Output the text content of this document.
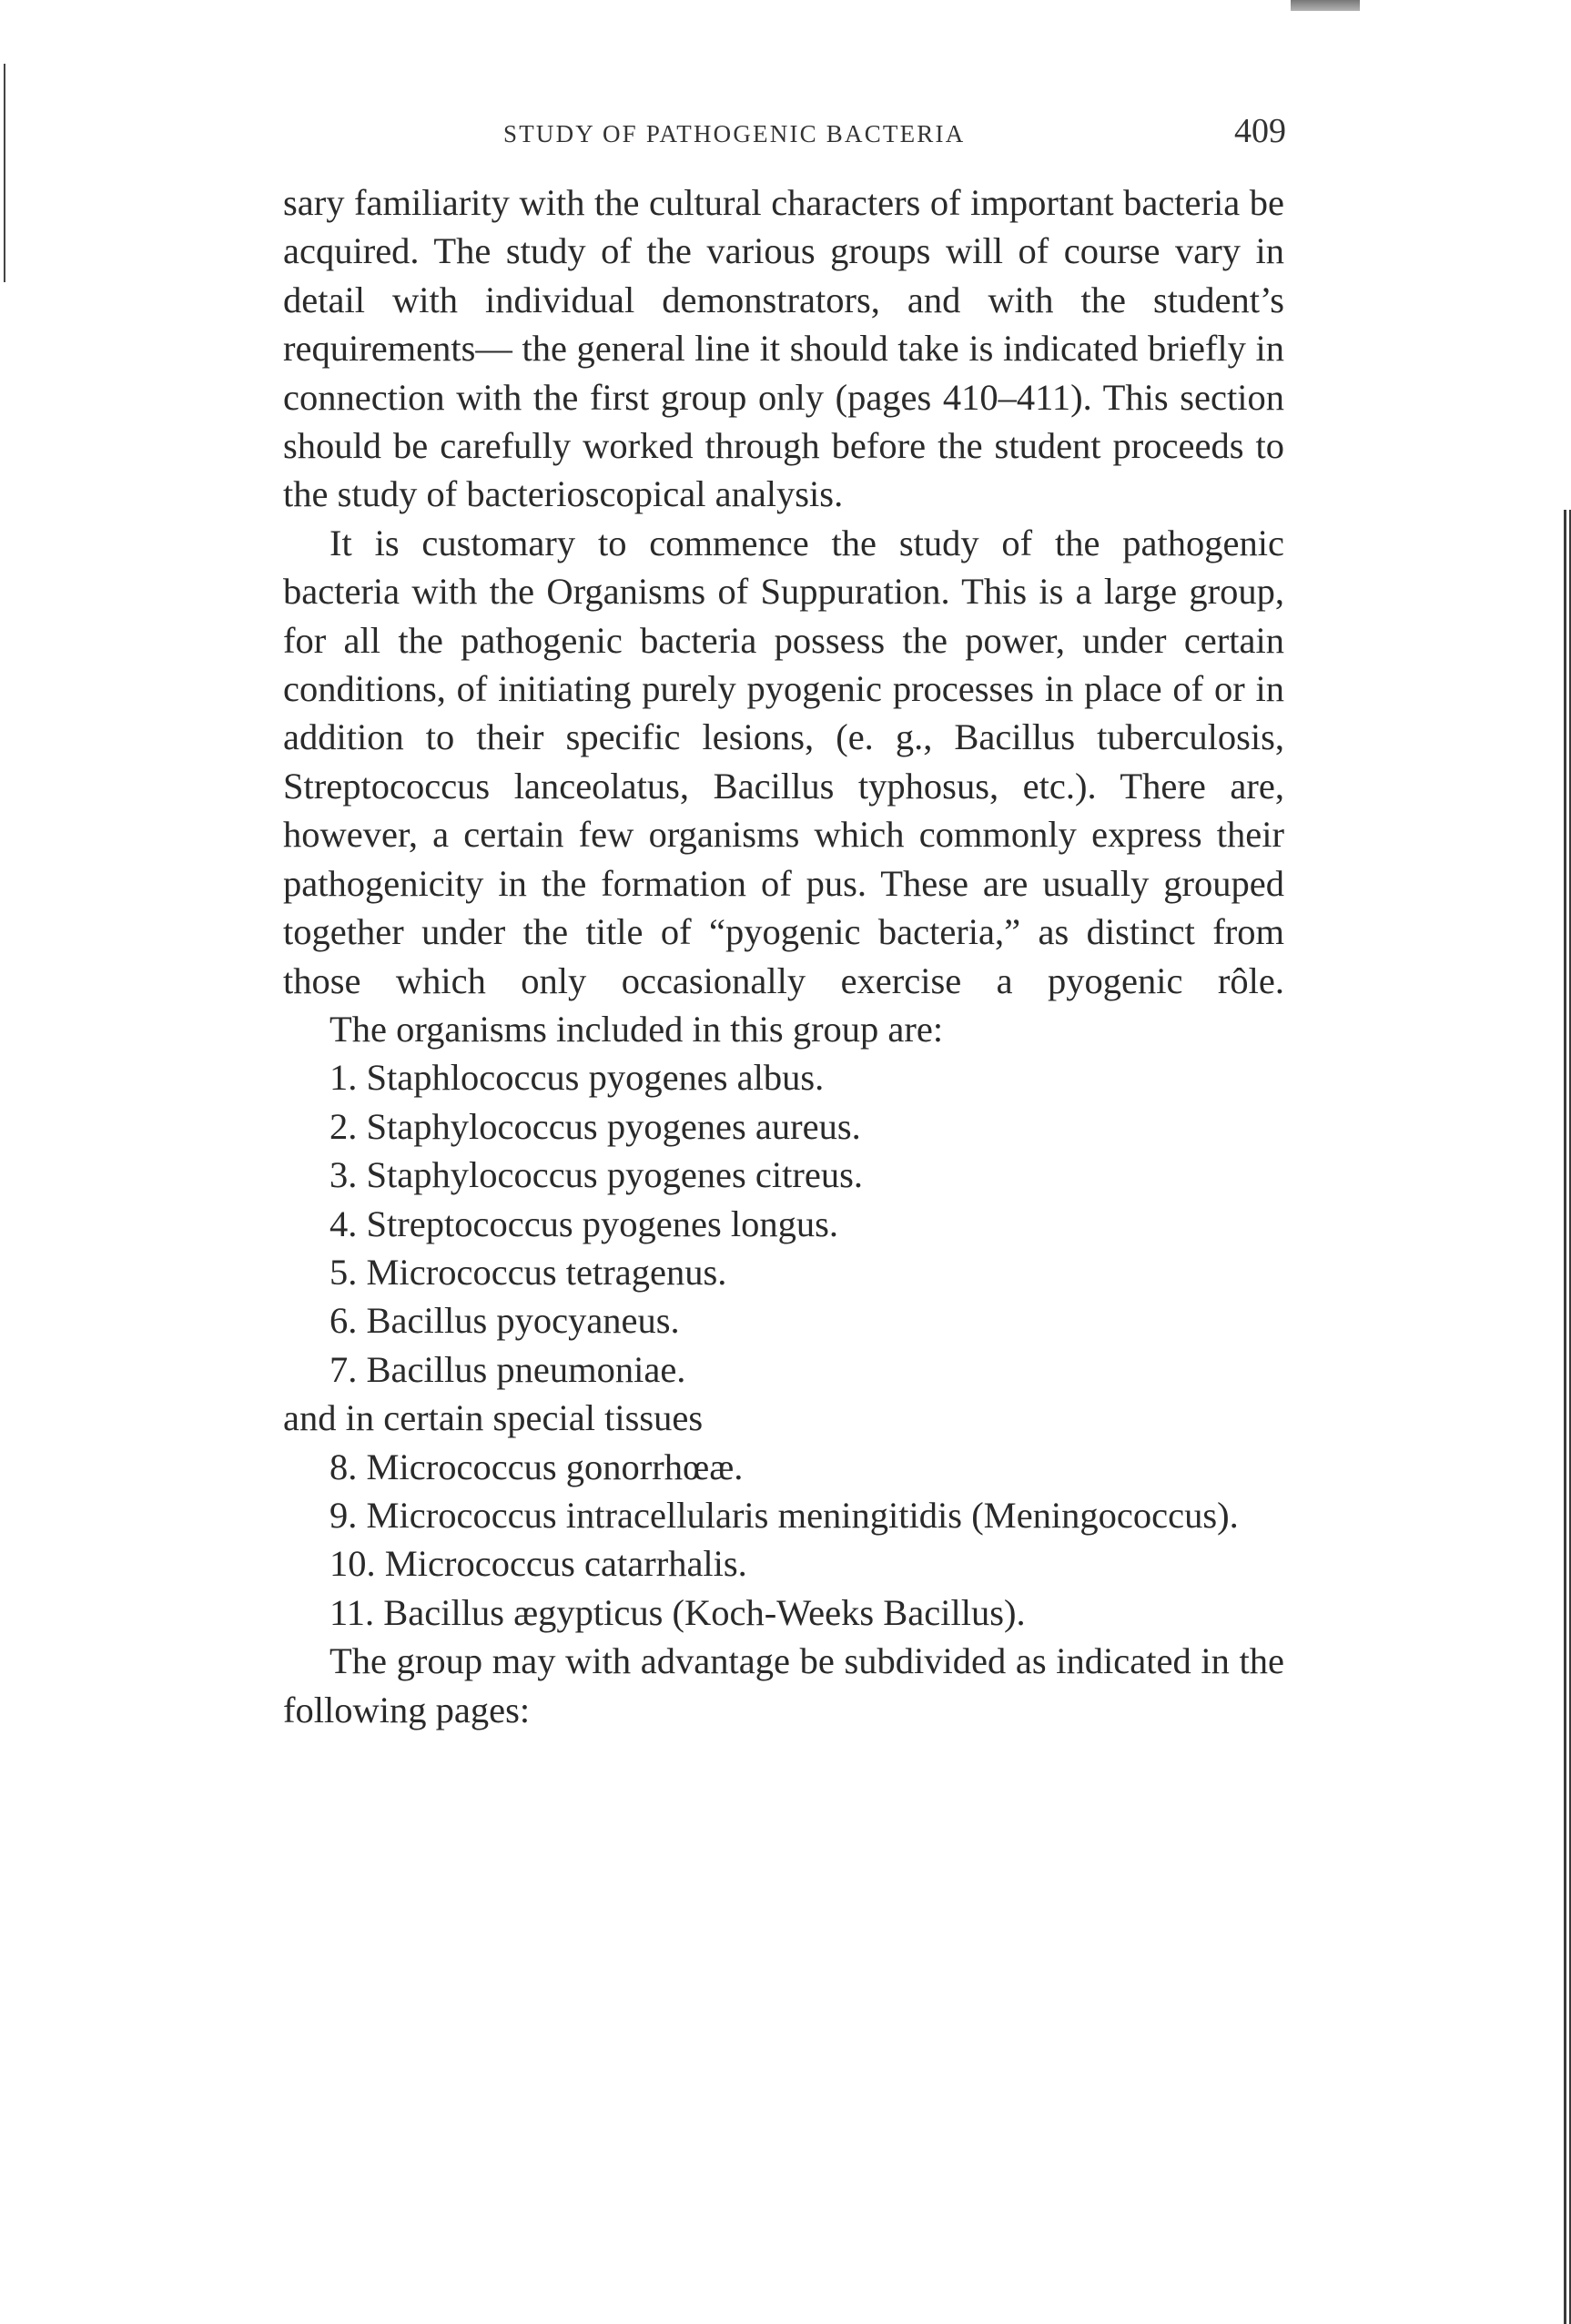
STUDY OF PATHOGENIC BACTERIA	409

sary familiarity with the cultural characters of important bacteria be acquired. The study of the various groups will of course vary in detail with individual demonstrators, and with the student’s requirements— the general line it should take is indicated briefly in connection with the first group only (pages 410–411). This section should be carefully worked through before the student proceeds to the study of bacterioscopical analysis.

It is customary to commence the study of the pathogenic bacteria with the Organisms of Suppuration. This is a large group, for all the pathogenic bacteria possess the power, under certain conditions, of initiating purely pyogenic processes in place of or in addition to their specific lesions, (e. g., Bacillus tuberculosis, Streptococcus lanceolatus, Bacillus typhosus, etc.). There are, however, a certain few organisms which commonly express their pathogenicity in the formation of pus. These are usually grouped together under the title of “pyogenic bacteria,” as distinct from those which only occasionally exercise a pyogenic rôle.

The organisms included in this group are:

1. Staphlococcus pyogenes albus.
2. Staphylococcus pyogenes aureus.
3. Staphylococcus pyogenes citreus.
4. Streptococcus pyogenes longus.
5. Micrococcus tetragenus.
6. Bacillus pyocyaneus.
7. Bacillus pneumoniae.

and in certain special tissues

8. Micrococcus gonorrhœæ.
9. Micrococcus intracellularis meningitidis (Meningococcus).
10. Micrococcus catarrhalis.
11. Bacillus ægypticus (Koch-Weeks Bacillus).

The group may with advantage be subdivided as indicated in the following pages:
